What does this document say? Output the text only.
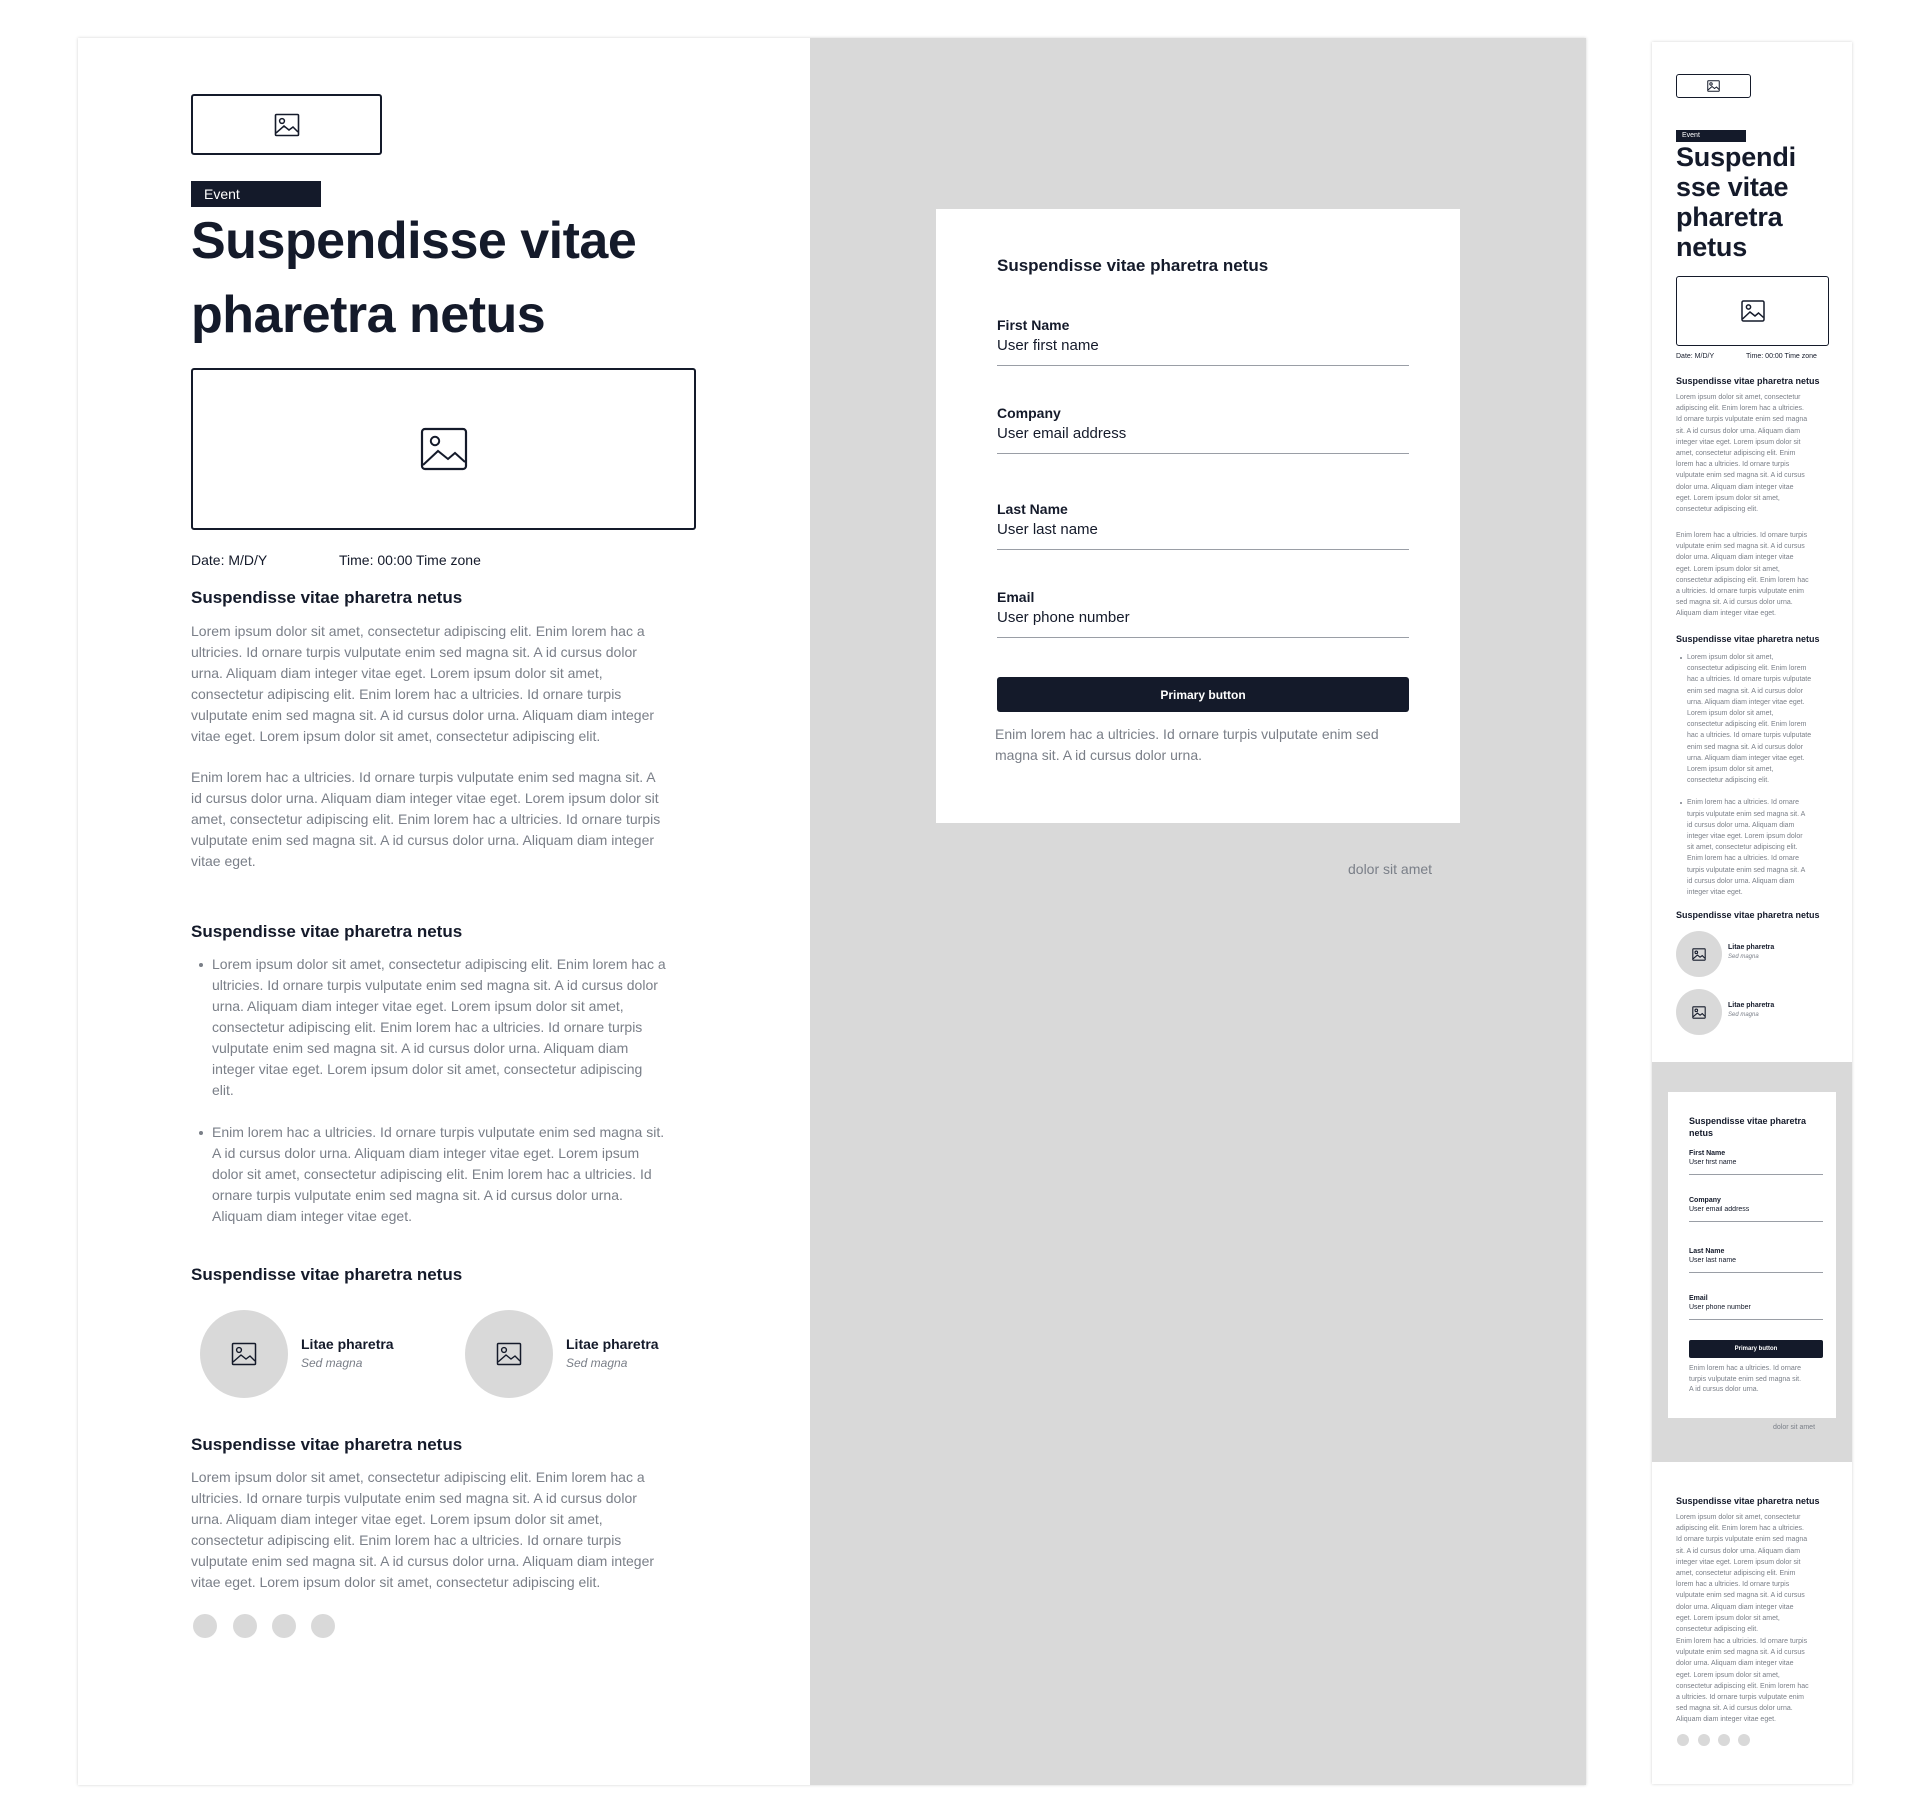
Event
Suspendisse vitae
pharetra netus
Date: M/D/Y	Time: 00:00 Time zone
Suspendisse vitae pharetra netus
Lorem ipsum dolor sit amet, consectetur adipiscing elit. Enim lorem hac a
ultricies. Id ornare turpis vulputate enim sed magna sit. A id cursus dolor
urna. Aliquam diam integer vitae eget. Lorem ipsum dolor sit amet,
consectetur adipiscing elit. Enim lorem hac a ultricies. Id ornare turpis
vulputate enim sed magna sit. A id cursus dolor urna. Aliquam diam integer
vitae eget. Lorem ipsum dolor sit amet, consectetur adipiscing elit.
Enim lorem hac a ultricies. Id ornare turpis vulputate enim sed magna sit. A
id cursus dolor urna. Aliquam diam integer vitae eget. Lorem ipsum dolor sit
amet, consectetur adipiscing elit. Enim lorem hac a ultricies. Id ornare turpis
vulputate enim sed magna sit. A id cursus dolor urna. Aliquam diam integer
vitae eget.
Suspendisse vitae pharetra netus
Lorem ipsum dolor sit amet, consectetur adipiscing elit. Enim lorem hac a
ultricies. Id ornare turpis vulputate enim sed magna sit. A id cursus dolor
urna. Aliquam diam integer vitae eget. Lorem ipsum dolor sit amet,
consectetur adipiscing elit. Enim lorem hac a ultricies. Id ornare turpis
vulputate enim sed magna sit. A id cursus dolor urna. Aliquam diam
integer vitae eget. Lorem ipsum dolor sit amet, consectetur adipiscing
elit.
Enim lorem hac a ultricies. Id ornare turpis vulputate enim sed magna sit.
A id cursus dolor urna. Aliquam diam integer vitae eget. Lorem ipsum
dolor sit amet, consectetur adipiscing elit. Enim lorem hac a ultricies. Id
ornare turpis vulputate enim sed magna sit. A id cursus dolor urna.
Aliquam diam integer vitae eget.
Suspendisse vitae pharetra netus
Litae pharetra
Sed magna
Litae pharetra
Sed magna
Suspendisse vitae pharetra netus
Lorem ipsum dolor sit amet, consectetur adipiscing elit. Enim lorem hac a
ultricies. Id ornare turpis vulputate enim sed magna sit. A id cursus dolor
urna. Aliquam diam integer vitae eget. Lorem ipsum dolor sit amet,
consectetur adipiscing elit. Enim lorem hac a ultricies. Id ornare turpis
vulputate enim sed magna sit. A id cursus dolor urna. Aliquam diam integer
vitae eget. Lorem ipsum dolor sit amet, consectetur adipiscing elit.
Suspendisse vitae pharetra netus
First Name
User first name
Company
User email address
Last Name
User last name
Email
User phone number
Primary button
Enim lorem hac a ultricies. Id ornare turpis vulputate enim sed
magna sit. A id cursus dolor urna.
dolor sit amet
Event
Suspendi
sse vitae
pharetra
netus
Date: M/D/Y	Time: 00:00 Time zone
Suspendisse vitae pharetra netus
Lorem ipsum dolor sit amet, consectetur
adipiscing elit. Enim lorem hac a ultricies.
Id ornare turpis vulputate enim sed magna
sit. A id cursus dolor urna. Aliquam diam
integer vitae eget. Lorem ipsum dolor sit
amet, consectetur adipiscing elit. Enim
lorem hac a ultricies. Id ornare turpis
vulputate enim sed magna sit. A id cursus
dolor urna. Aliquam diam integer vitae
eget. Lorem ipsum dolor sit amet,
consectetur adipiscing elit.
Enim lorem hac a ultricies. Id ornare turpis
vulputate enim sed magna sit. A id cursus
dolor urna. Aliquam diam integer vitae
eget. Lorem ipsum dolor sit amet,
consectetur adipiscing elit. Enim lorem hac
a ultricies. Id ornare turpis vulputate enim
sed magna sit. A id cursus dolor urna.
Aliquam diam integer vitae eget.
Suspendisse vitae pharetra netus
Lorem ipsum dolor sit amet,
consectetur adipiscing elit. Enim lorem
hac a ultricies. Id ornare turpis vulputate
enim sed magna sit. A id cursus dolor
urna. Aliquam diam integer vitae eget.
Lorem ipsum dolor sit amet,
consectetur adipiscing elit. Enim lorem
hac a ultricies. Id ornare turpis vulputate
enim sed magna sit. A id cursus dolor
urna. Aliquam diam integer vitae eget.
Lorem ipsum dolor sit amet,
consectetur adipiscing elit.
Enim lorem hac a ultricies. Id ornare
turpis vulputate enim sed magna sit. A
id cursus dolor urna. Aliquam diam
integer vitae eget. Lorem ipsum dolor
sit amet, consectetur adipiscing elit.
Enim lorem hac a ultricies. Id ornare
turpis vulputate enim sed magna sit. A
id cursus dolor urna. Aliquam diam
integer vitae eget.
Suspendisse vitae pharetra netus
Litae pharetra
Sed magna
Litae pharetra
Sed magna
Suspendisse vitae pharetra
netus
First Name
User first name
Company
User email address
Last Name
User last name
Email
User phone number
Primary button
Enim lorem hac a ultricies. Id ornare
turpis vulputate enim sed magna sit.
A id cursus dolor urna.
dolor sit amet
Suspendisse vitae pharetra netus
Lorem ipsum dolor sit amet, consectetur
adipiscing elit. Enim lorem hac a ultricies.
Id ornare turpis vulputate enim sed magna
sit. A id cursus dolor urna. Aliquam diam
integer vitae eget. Lorem ipsum dolor sit
amet, consectetur adipiscing elit. Enim
lorem hac a ultricies. Id ornare turpis
vulputate enim sed magna sit. A id cursus
dolor urna. Aliquam diam integer vitae
eget. Lorem ipsum dolor sit amet,
consectetur adipiscing elit.
Enim lorem hac a ultricies. Id ornare turpis
vulputate enim sed magna sit. A id cursus
dolor urna. Aliquam diam integer vitae
eget. Lorem ipsum dolor sit amet,
consectetur adipiscing elit. Enim lorem hac
a ultricies. Id ornare turpis vulputate enim
sed magna sit. A id cursus dolor urna.
Aliquam diam integer vitae eget.
